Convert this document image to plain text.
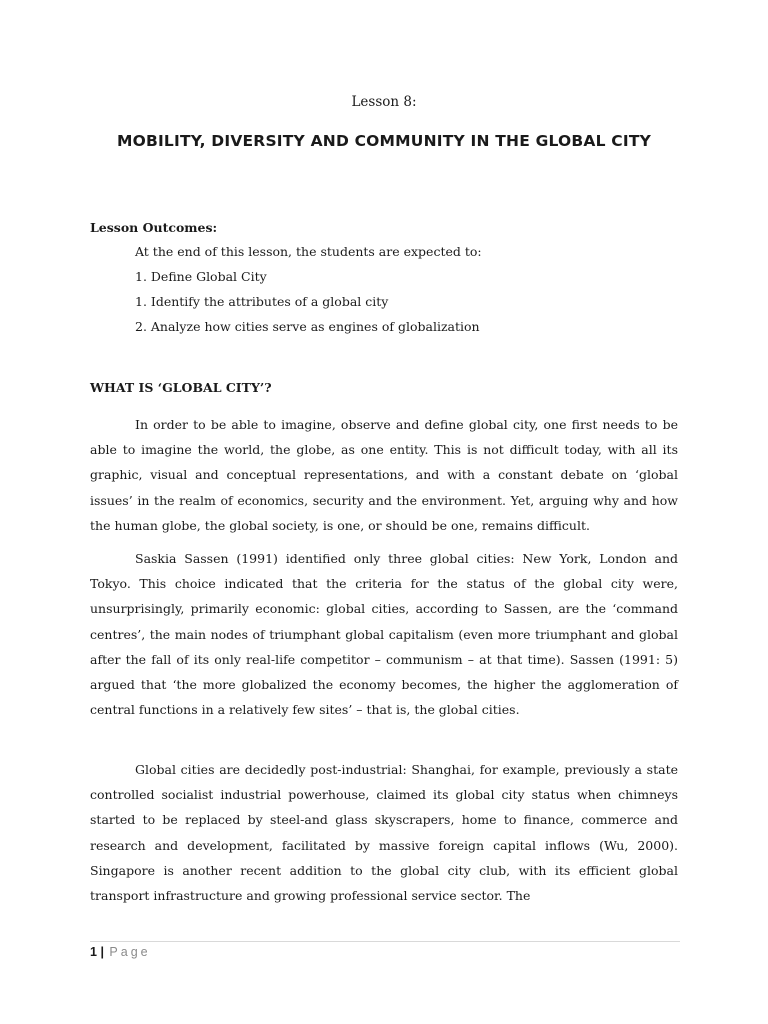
Lesson 8:
MOBILITY, DIVERSITY AND COMMUNITY IN THE GLOBAL CITY
Lesson Outcomes:
At the end of this lesson, the students are expected to:
1. Define Global City
1. Identify the attributes of a global city
2. Analyze how cities serve as engines of globalization
WHAT IS ‘GLOBAL CITY’?

In order to be able to imagine, observe and define global city, one first needs to be able to imagine the world, the globe, as one entity. This is not difficult today, with all its graphic, visual and conceptual representations, and with a constant debate on ‘global issues’ in the realm of economics, security and the environment. Yet, arguing why and how the human globe, the global society, is one, or should be one, remains difficult.

Saskia Sassen (1991) identified only three global cities: New York, London and Tokyo. This choice indicated that the criteria for the status of the global city were, unsurprisingly, primarily economic: global cities, according to Sassen, are the ‘command centres’, the main nodes of triumphant global capitalism (even more triumphant and global after the fall of its only real-life competitor – communism – at that time). Sassen (1991: 5) argued that ‘the more globalized the economy becomes, the higher the agglomeration of central functions in a relatively few sites’ – that is, the global cities.

Global cities are decidedly post-industrial: Shanghai, for example, previously a state controlled socialist industrial powerhouse, claimed its global city status when chimneys started to be replaced by steel-and glass skyscrapers, home to finance, commerce and research and development, facilitated by massive foreign capital inflows (Wu, 2000). Singapore is another recent addition to the global city club, with its efficient global transport infrastructure and growing professional service sector. The

1 | Page
